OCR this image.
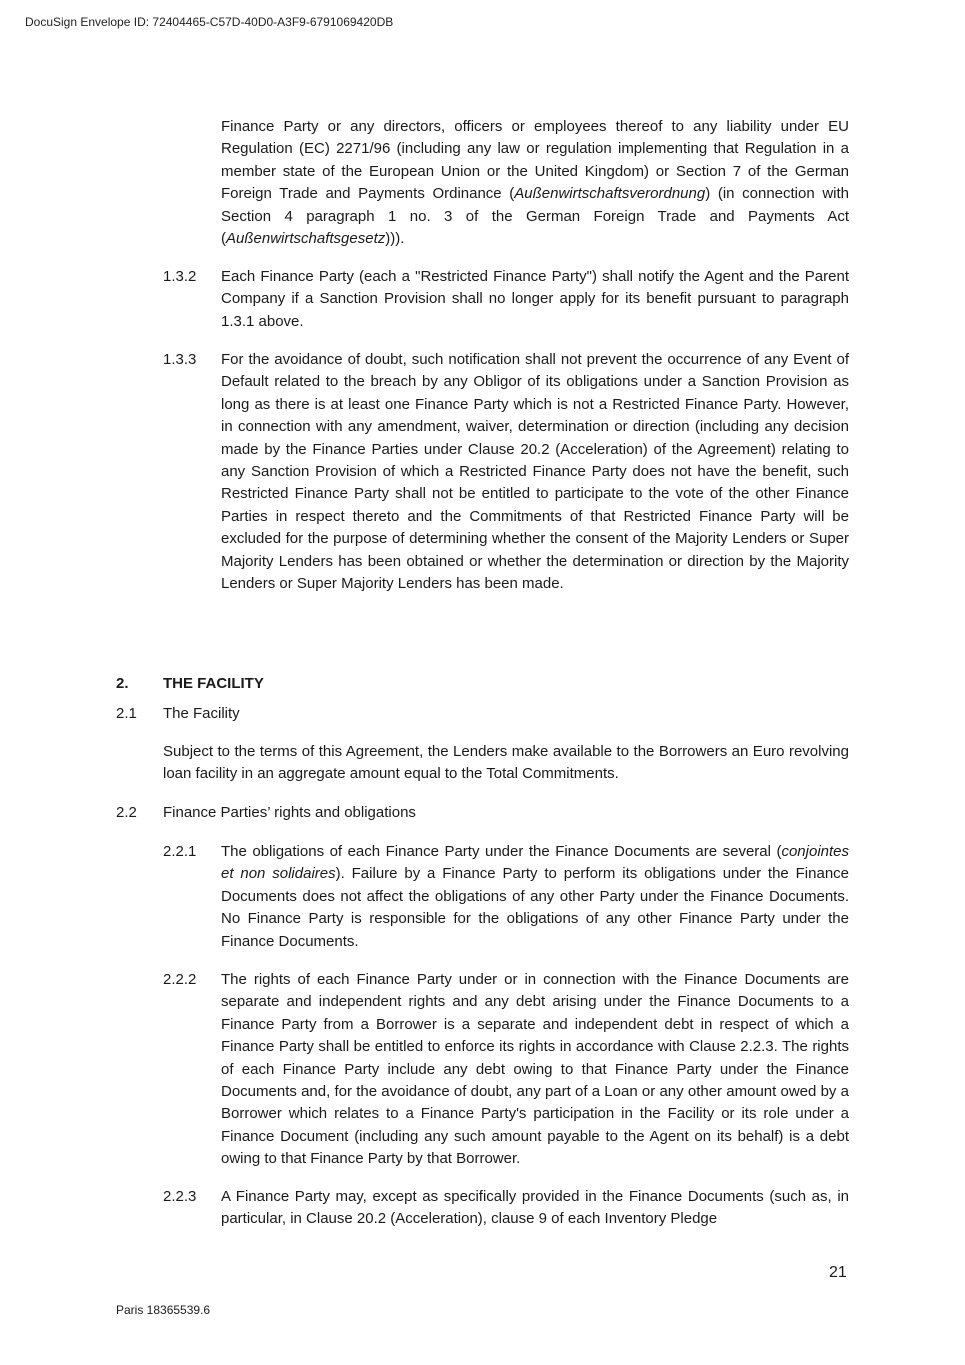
DocuSign Envelope ID: 72404465-C57D-40D0-A3F9-6791069420DB
Finance Party or any directors, officers or employees thereof to any liability under EU Regulation (EC) 2271/96 (including any law or regulation implementing that Regulation in a member state of the European Union or the United Kingdom) or Section 7 of the German Foreign Trade and Payments Ordinance (Außenwirtschaftsverordnung) (in connection with Section 4 paragraph 1 no. 3 of the German Foreign Trade and Payments Act (Außenwirtschaftsgesetz))).
1.3.2 Each Finance Party (each a "Restricted Finance Party") shall notify the Agent and the Parent Company if a Sanction Provision shall no longer apply for its benefit pursuant to paragraph 1.3.1 above.
1.3.3 For the avoidance of doubt, such notification shall not prevent the occurrence of any Event of Default related to the breach by any Obligor of its obligations under a Sanction Provision as long as there is at least one Finance Party which is not a Restricted Finance Party. However, in connection with any amendment, waiver, determination or direction (including any decision made by the Finance Parties under Clause 20.2 (Acceleration) of the Agreement) relating to any Sanction Provision of which a Restricted Finance Party does not have the benefit, such Restricted Finance Party shall not be entitled to participate to the vote of the other Finance Parties in respect thereto and the Commitments of that Restricted Finance Party will be excluded for the purpose of determining whether the consent of the Majority Lenders or Super Majority Lenders has been obtained or whether the determination or direction by the Majority Lenders or Super Majority Lenders has been made.
2. THE FACILITY
2.1 The Facility
Subject to the terms of this Agreement, the Lenders make available to the Borrowers an Euro revolving loan facility in an aggregate amount equal to the Total Commitments.
2.2 Finance Parties’ rights and obligations
2.2.1 The obligations of each Finance Party under the Finance Documents are several (conjointes et non solidaires). Failure by a Finance Party to perform its obligations under the Finance Documents does not affect the obligations of any other Party under the Finance Documents. No Finance Party is responsible for the obligations of any other Finance Party under the Finance Documents.
2.2.2 The rights of each Finance Party under or in connection with the Finance Documents are separate and independent rights and any debt arising under the Finance Documents to a Finance Party from a Borrower is a separate and independent debt in respect of which a Finance Party shall be entitled to enforce its rights in accordance with Clause 2.2.3. The rights of each Finance Party include any debt owing to that Finance Party under the Finance Documents and, for the avoidance of doubt, any part of a Loan or any other amount owed by a Borrower which relates to a Finance Party's participation in the Facility or its role under a Finance Document (including any such amount payable to the Agent on its behalf) is a debt owing to that Finance Party by that Borrower.
2.2.3 A Finance Party may, except as specifically provided in the Finance Documents (such as, in particular, in Clause 20.2 (Acceleration), clause 9 of each Inventory Pledge
21
Paris 18365539.6
